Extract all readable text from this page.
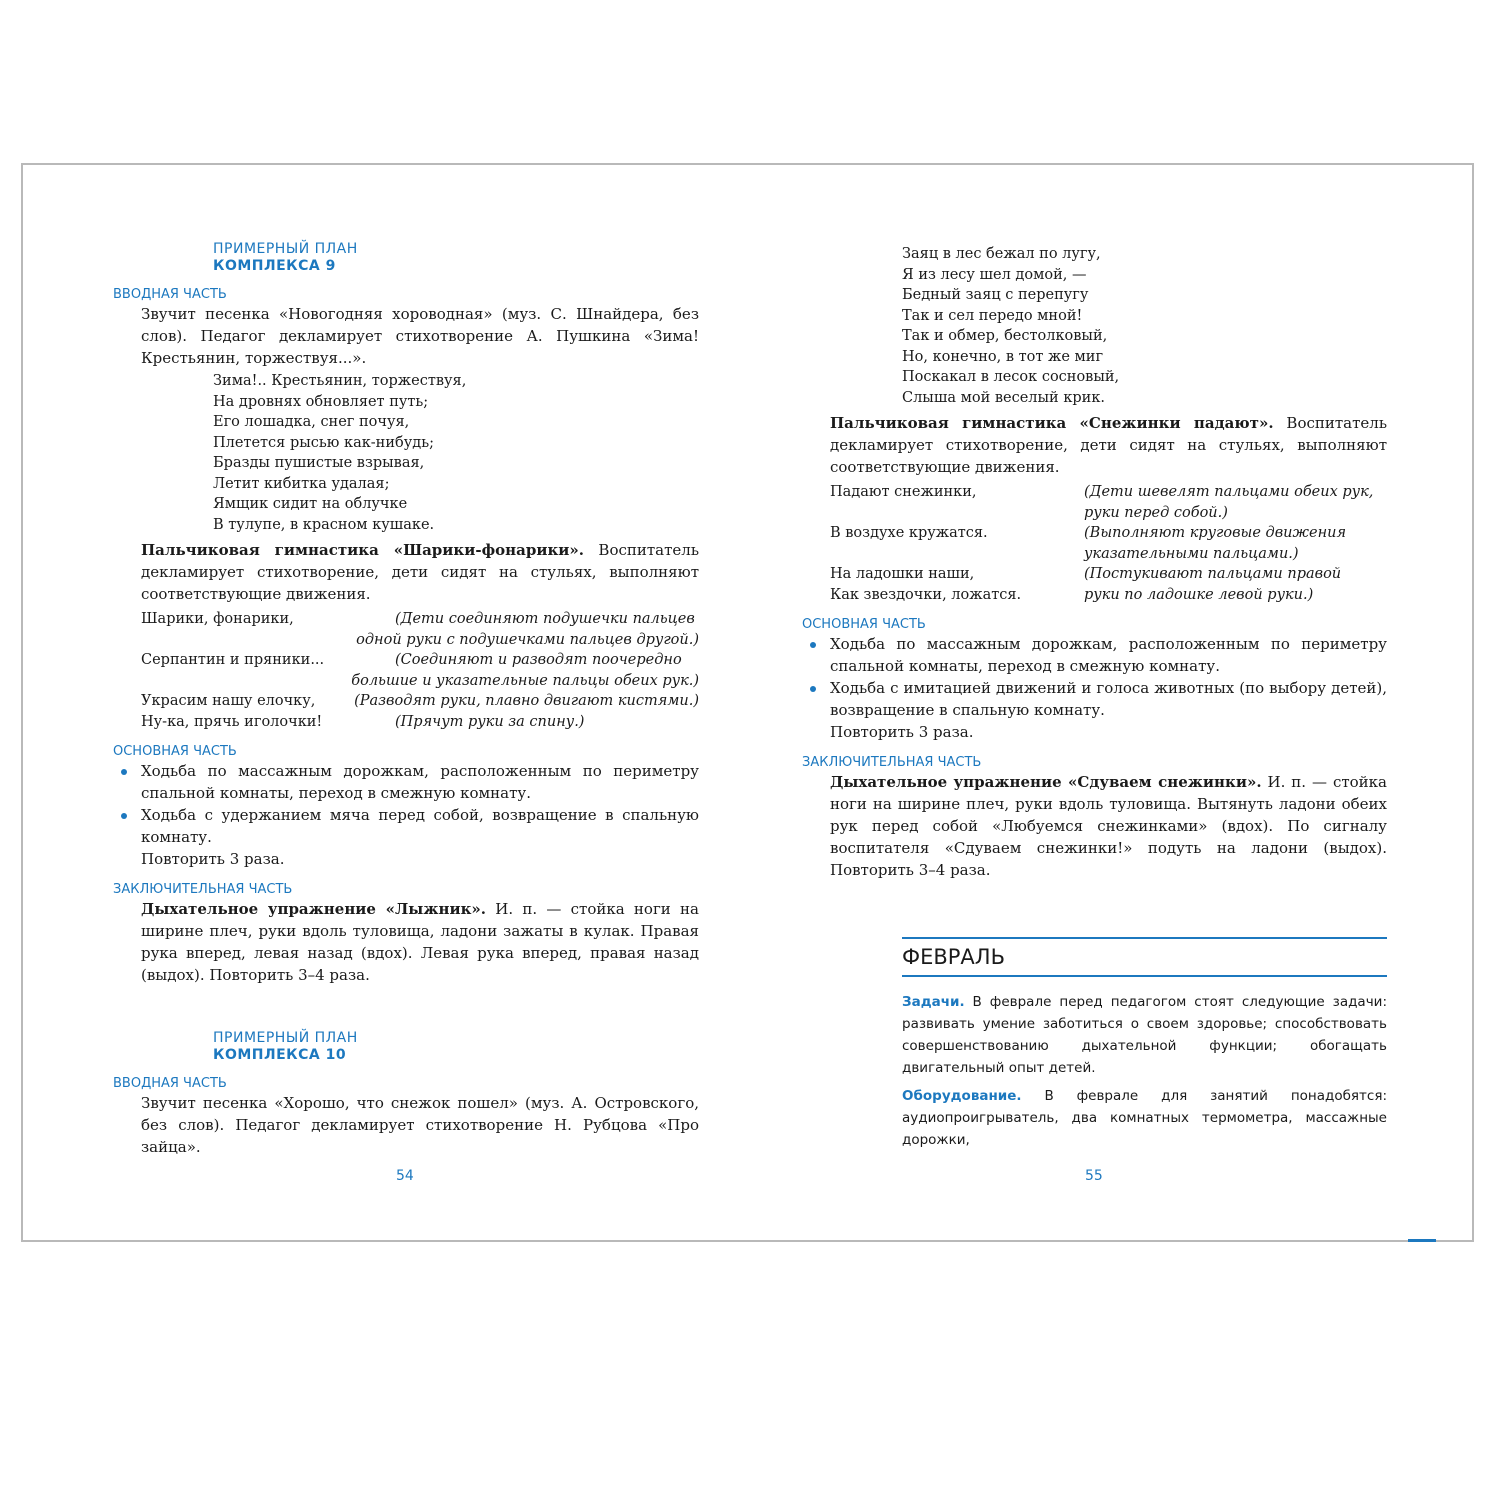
ПРИМЕРНЫЙ ПЛАН
КОМПЛЕКСА 9
ВВОДНАЯ ЧАСТЬ
Звучит песенка «Новогодняя хороводная» (муз. С. Шнайдера, без слов). Педагог декламирует стихотворение А. Пушкина «Зима! Крестьянин, торжествуя...».
Зима!.. Крестьянин, торжествуя,
На дровнях обновляет путь;
Его лошадка, снег почуя,
Плетется рысью как-нибудь;
Бразды пушистые взрывая,
Летит кибитка удалая;
Ямщик сидит на облучке
В тулупе, в красном кушаке.
Пальчиковая гимнастика «Шарики-фонарики». Воспитатель декламирует стихотворение, дети сидят на стульях, выполняют соответствующие движения.
Шарики, фонарики,	(Дети соединяют подушечки пальцев
одной руки с подушечками пальцев другой.)
Серпантин и пряники...	(Соединяют и разводят поочередно
большие и указательные пальцы обеих рук.)
Украсим нашу елочку,	(Разводят руки, плавно двигают кистями.)
Ну-ка, прячь иголочки!	(Прячут руки за спину.)
ОСНОВНАЯ ЧАСТЬ
Ходьба по массажным дорожкам, расположенным по периметру спальной комнаты, переход в смежную комнату.
Ходьба с удержанием мяча перед собой, возвращение в спальную комнату.
Повторить 3 раза.
ЗАКЛЮЧИТЕЛЬНАЯ ЧАСТЬ
Дыхательное упражнение «Лыжник». И. п. — стойка ноги на ширине плеч, руки вдоль туловища, ладони зажаты в кулак. Правая рука вперед, левая назад (вдох). Левая рука вперед, правая назад (выдох). Повторить 3–4 раза.
ПРИМЕРНЫЙ ПЛАН
КОМПЛЕКСА 10
ВВОДНАЯ ЧАСТЬ
Звучит песенка «Хорошо, что снежок пошел» (муз. А. Островского, без слов). Педагог декламирует стихотворение Н. Рубцова «Про зайца».
54
Заяц в лес бежал по лугу,
Я из лесу шел домой, —
Бедный заяц с перепугу
Так и сел передо мной!
Так и обмер, бестолковый,
Но, конечно, в тот же миг
Поскакал в лесок сосновый,
Слыша мой веселый крик.
Пальчиковая гимнастика «Снежинки падают». Воспитатель декламирует стихотворение, дети сидят на стульях, выполняют соответствующие движения.
Падают снежинки,	(Дети шевелят пальцами обеих рук,
руки перед собой.)
В воздухе кружатся.	(Выполняют круговые движения
указательными пальцами.)
На ладошки наши,	(Постукивают пальцами правой
Как звездочки, ложатся.	руки по ладошке левой руки.)
ОСНОВНАЯ ЧАСТЬ
Ходьба по массажным дорожкам, расположенным по периметру спальной комнаты, переход в смежную комнату.
Ходьба с имитацией движений и голоса животных (по выбору детей), возвращение в спальную комнату.
Повторить 3 раза.
ЗАКЛЮЧИТЕЛЬНАЯ ЧАСТЬ
Дыхательное упражнение «Сдуваем снежинки». И. п. — стойка ноги на ширине плеч, руки вдоль туловища. Вытянуть ладони обеих рук перед собой «Любуемся снежинками» (вдох). По сигналу воспитателя «Сдуваем снежинки!» подуть на ладони (выдох). Повторить 3–4 раза.
ФЕВРАЛЬ
Задачи. В феврале перед педагогом стоят следующие задачи: развивать умение заботиться о своем здоровье; способствовать совершенствованию дыхательной функции; обогащать двигательный опыт детей.
Оборудование. В феврале для занятий понадобятся: аудиопроигрыватель, два комнатных термометра, массажные дорожки,
55
